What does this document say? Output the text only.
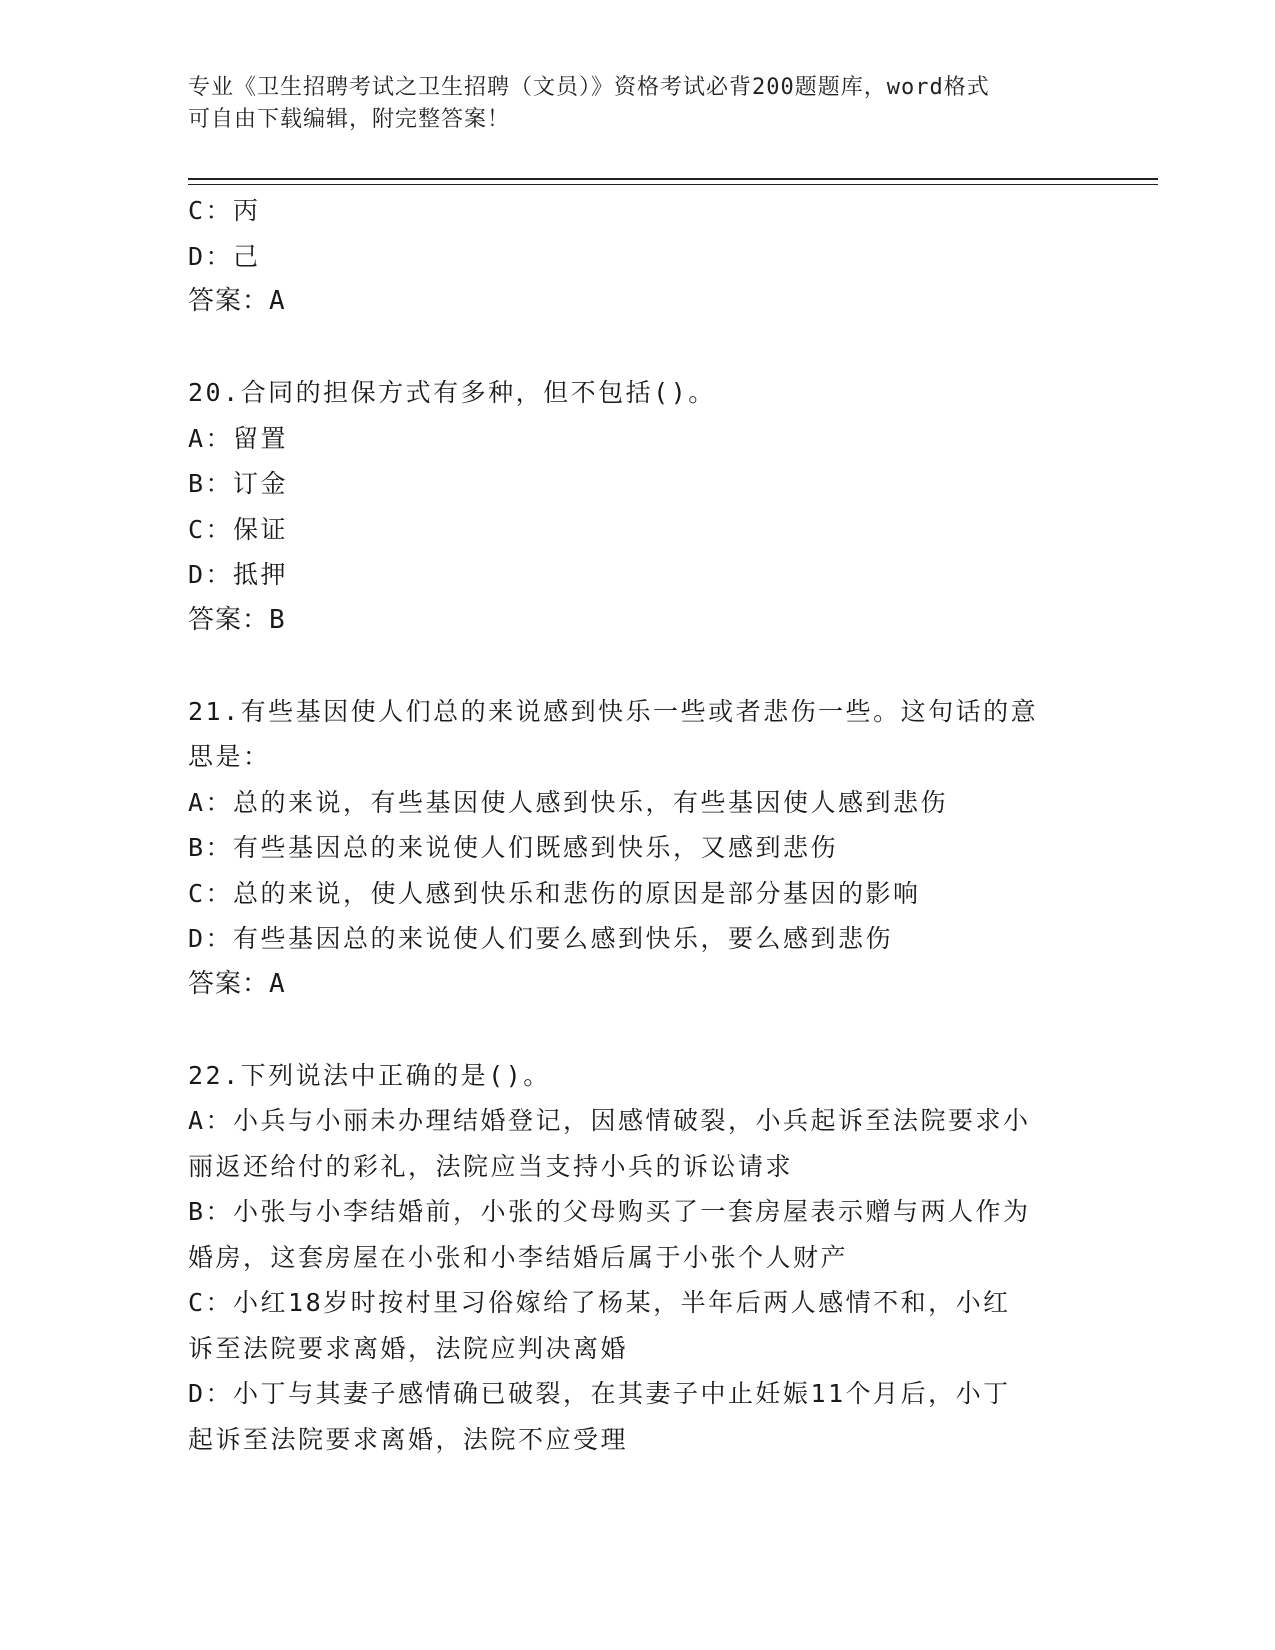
专业《卫生招聘考试之卫生招聘（文员）》资格考试必背200题题库，word格式
可自由下载编辑，附完整答案！
C：丙
D：己
答案：A
20.合同的担保方式有多种，但不包括()。
A：留置
B：订金
C：保证
D：抵押
答案：B
21.有些基因使人们总的来说感到快乐一些或者悲伤一些。这句话的意
思是：
A：总的来说，有些基因使人感到快乐，有些基因使人感到悲伤
B：有些基因总的来说使人们既感到快乐，又感到悲伤
C：总的来说，使人感到快乐和悲伤的原因是部分基因的影响
D：有些基因总的来说使人们要么感到快乐，要么感到悲伤
答案：A
22.下列说法中正确的是()。
A：小兵与小丽未办理结婚登记，因感情破裂，小兵起诉至法院要求小
丽返还给付的彩礼，法院应当支持小兵的诉讼请求
B：小张与小李结婚前，小张的父母购买了一套房屋表示赠与两人作为
婚房，这套房屋在小张和小李结婚后属于小张个人财产
C：小红18岁时按村里习俗嫁给了杨某，半年后两人感情不和，小红
诉至法院要求离婚，法院应判决离婚
D：小丁与其妻子感情确已破裂，在其妻子中止妊娠11个月后，小丁
起诉至法院要求离婚，法院不应受理
